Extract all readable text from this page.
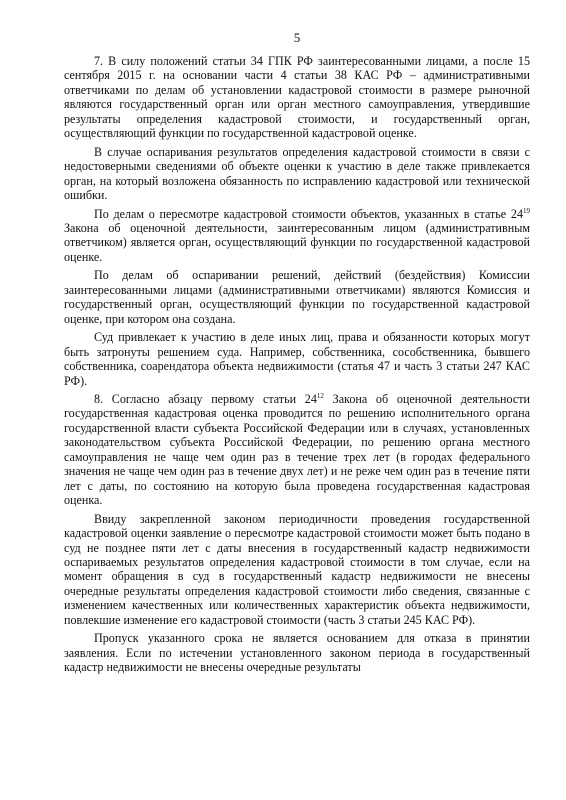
5

7. В силу положений статьи 34 ГПК РФ заинтересованными лицами, а после 15 сентября 2015 г. на основании части 4 статьи 38 КАС РФ – административными ответчиками по делам об установлении кадастровой стоимости в размере рыночной являются государственный орган или орган местного самоуправления, утвердившие результаты определения кадастровой стоимости, и государственный орган, осуществляющий функции по государственной кадастровой оценке.

В случае оспаривания результатов определения кадастровой стоимости в связи с недостоверными сведениями об объекте оценки к участию в деле также привлекается орган, на который возложена обязанность по исправлению кадастровой или технической ошибки.

По делам о пересмотре кадастровой стоимости объектов, указанных в статье $24^{19}$ Закона об оценочной деятельности, заинтересованным лицом (административным ответчиком) является орган, осуществляющий функции по государственной кадастровой оценке.

По делам об оспаривании решений, действий (бездействия) Комиссии заинтересованными лицами (административными ответчиками) являются Комиссия и государственный орган, осуществляющий функции по государственной кадастровой оценке, при котором она создана.

Суд привлекает к участию в деле иных лиц, права и обязанности которых могут быть затронуты решением суда. Например, собственника, сособственника, бывшего собственника, соарендатора объекта недвижимости (статья 47 и часть 3 статьи 247 КАС РФ).

8. Согласно абзацу первому статьи $24^{12}$ Закона об оценочной деятельности государственная кадастровая оценка проводится по решению исполнительного органа государственной власти субъекта Российской Федерации или в случаях, установленных законодательством субъекта Российской Федерации, по решению органа местного самоуправления не чаще чем один раз в течение трех лет (в городах федерального значения не чаще чем один раз в течение двух лет) и не реже чем один раз в течение пяти лет с даты, по состоянию на которую была проведена государственная кадастровая оценка.

Ввиду закрепленной законом периодичности проведения государственной кадастровой оценки заявление о пересмотре кадастровой стоимости может быть подано в суд не позднее пяти лет с даты внесения в государственный кадастр недвижимости оспариваемых результатов определения кадастровой стоимости в том случае, если на момент обращения в суд в государственный кадастр недвижимости не внесены очередные результаты определения кадастровой стоимости либо сведения, связанные с изменением качественных или количественных характеристик объекта недвижимости, повлекшие изменение его кадастровой стоимости (часть 3 статьи 245 КАС РФ).

Пропуск указанного срока не является основанием для отказа в принятии заявления. Если по истечении установленного законом периода в государственный кадастр недвижимости не внесены очередные результаты
